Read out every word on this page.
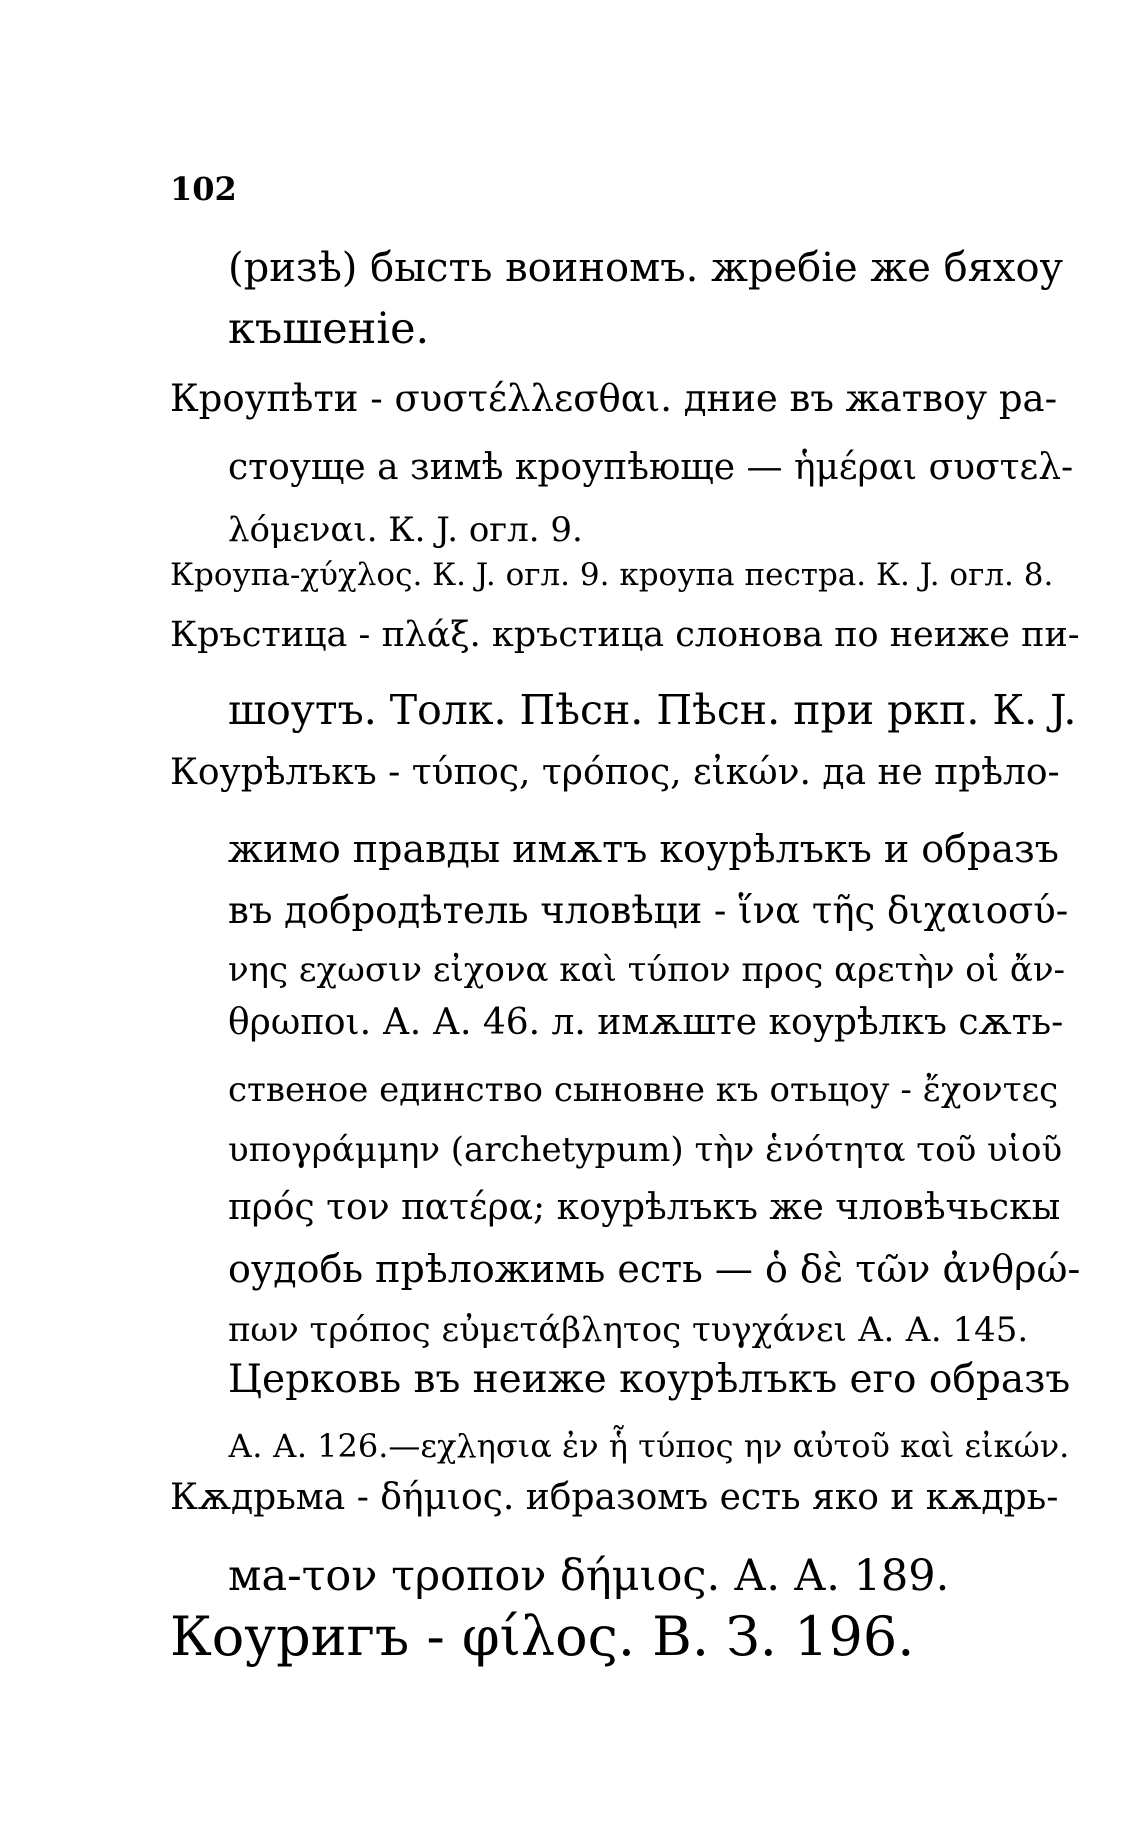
102
(ризѣ) бысть воиномъ. жребіе же бяхоу
къшеніе.
Кроупѣти - συστέλλεσθαι. дние въ жатвоу ра-
стоуще а зимѣ кроупѣюще — ἡμέραι συστελ-
λόμεναι. К. J. огл. 9.
Кроупа-χύχλος. К. J. огл. 9. кроупа пестра. К. J. огл. 8.
Кръстица - πλάξ. кръстица слонова по неиже пи-
шоутъ. Толк. Пѣсн. Пѣсн. при ркп. К. J.
Коурѣлъкъ - τύπος, τρόπος, εἰκών. да не прѣло-
жимо правды имѫтъ коурѣлъкъ и образъ
въ добродѣтель чловѣци - ἵνα τῆς διχαιοσύ-
νης εχωσιν εἰχονα καὶ τύπον προς αρετὴν οἱ ἄν-
θρωποι. А. А. 46. л. имѫште коурѣлкъ сѫть-
ственое единство сыновне къ отьцоу - ἔχοντες
υπογράμμην (archetypum) τὴν ἑνότητα τοῦ υἱοῦ
πρός τον πατέρα; коурѣлъкъ же чловѣчьскы
оудобь прѣложимь есть — ὁ δὲ τῶν ἀνθρώ-
πων τρόπος εὐμετάβλητος τυγχάνει А. А. 145.
Церковь въ неиже коурѣлъкъ его образъ
А. А. 126.—εχλησια ἐν ἧ τύπος ην αὐτοῦ καὶ εἰκών.
Кѫдрьма - δήμιος. ибразомъ есть яко и кѫдрь-
ма-τον τροπον δήμιος. А. А. 189.
Коуригъ - φίλος. В. З. 196.
